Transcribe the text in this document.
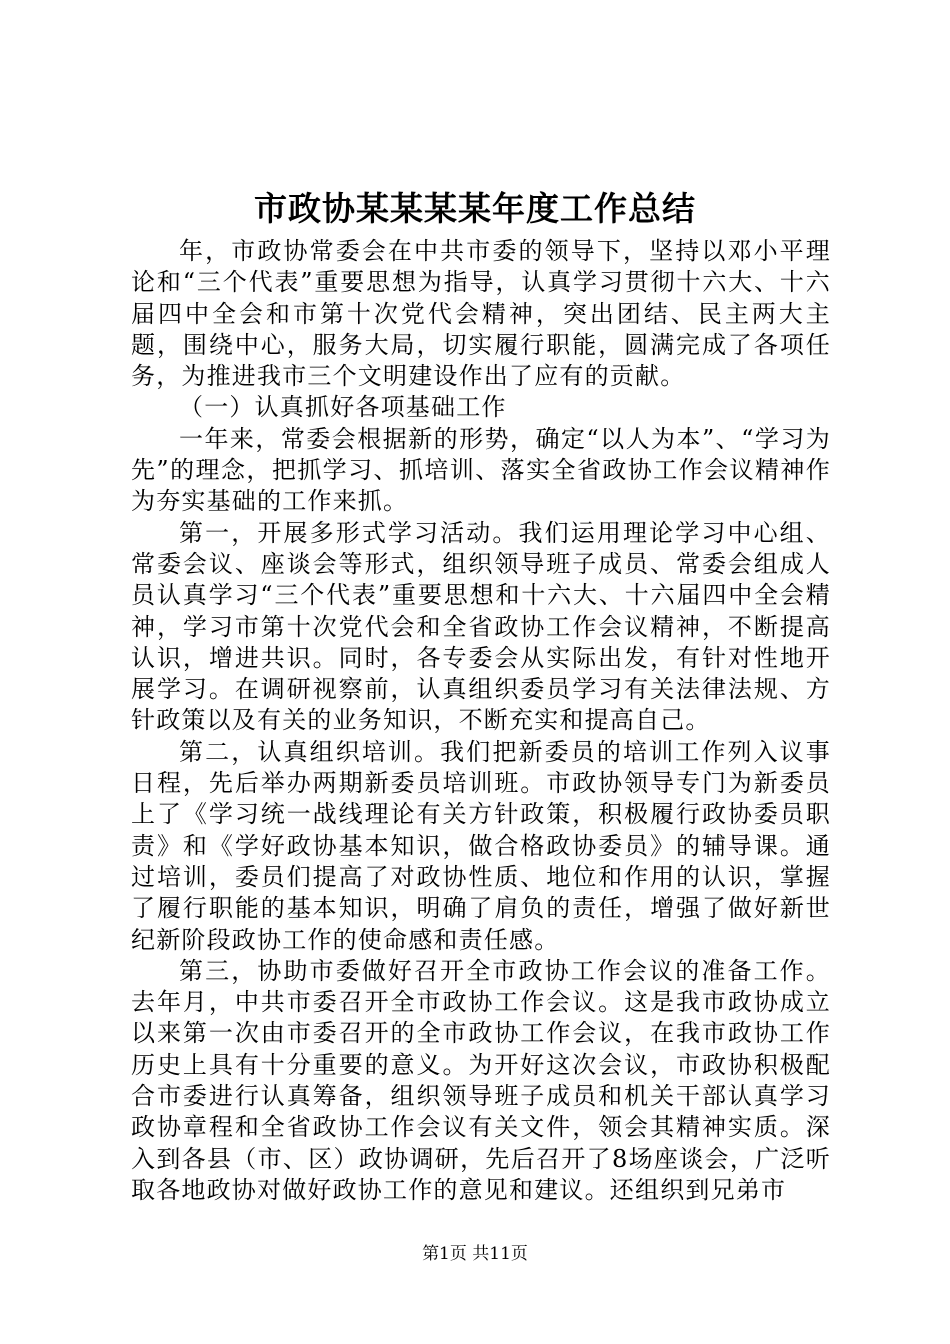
市政协某某某某年度工作总结

年，市政协常委会在中共市委的领导下，坚持以邓小平理论和“三个代表”重要思想为指导，认真学习贯彻十六大、十六届四中全会和市第十次党代会精神，突出团结、民主两大主题，围绕中心，服务大局，切实履行职能，圆满完成了各项任务，为推进我市三个文明建设作出了应有的贡献。

（一）认真抓好各项基础工作

一年来，常委会根据新的形势，确定“以人为本”、“学习为先”的理念，把抓学习、抓培训、落实全省政协工作会议精神作为夯实基础的工作来抓。

第一，开展多形式学习活动。我们运用理论学习中心组、常委会议、座谈会等形式，组织领导班子成员、常委会组成人员认真学习“三个代表”重要思想和十六大、十六届四中全会精神，学习市第十次党代会和全省政协工作会议精神，不断提高认识，增进共识。同时，各专委会从实际出发，有针对性地开展学习。在调研视察前，认真组织委员学习有关法律法规、方针政策以及有关的业务知识，不断充实和提高自己。

第二，认真组织培训。我们把新委员的培训工作列入议事日程，先后举办两期新委员培训班。市政协领导专门为新委员上了《学习统一战线理论有关方针政策，积极履行政协委员职责》和《学好政协基本知识，做合格政协委员》的辅导课。通过培训，委员们提高了对政协性质、地位和作用的认识，掌握了履行职能的基本知识，明确了肩负的责任，增强了做好新世纪新阶段政协工作的使命感和责任感。

第三，协助市委做好召开全市政协工作会议的准备工作。去年月，中共市委召开全市政协工作会议。这是我市政协成立以来第一次由市委召开的全市政协工作会议，在我市政协工作历史上具有十分重要的意义。为开好这次会议，市政协积极配合市委进行认真筹备，组织领导班子成员和机关干部认真学习政协章程和全省政协工作会议有关文件，领会其精神实质。深入到各县（市、区）政协调研，先后召开了8场座谈会，广泛听取各地政协对做好政协工作的意见和建议。还组织到兄弟市

第1页 共11页
